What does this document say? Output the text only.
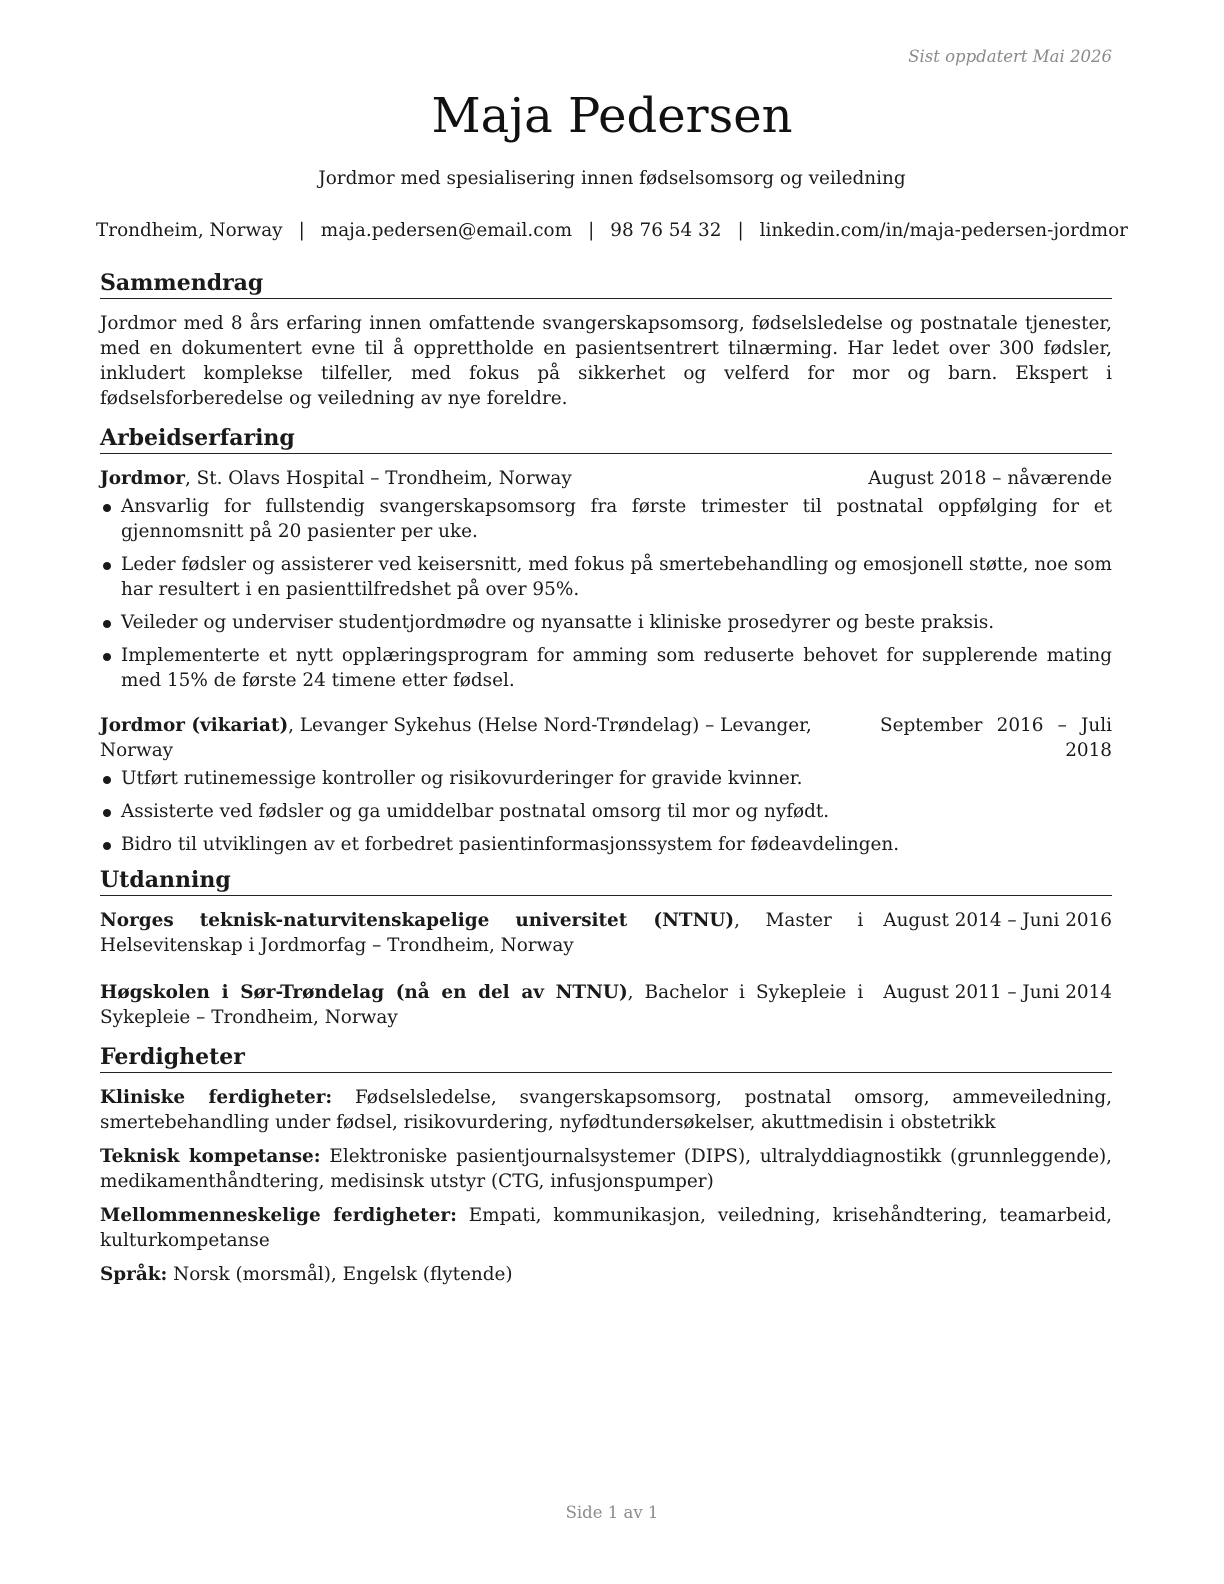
Sist oppdatert Mai 2026
Maja Pedersen
Jordmor med spesialisering innen fødselsomsorg og veiledning
Trondheim, Norway | maja.pedersen@email.com | 98 76 54 32 | linkedin.com/in/maja-pedersen-jordmor
Sammendrag

Jordmor med 8 års erfaring innen omfattende svangerskapsomsorg, fødselsledelse og postnatale tjenester, med en dokumentert evne til å opprettholde en pasientsentrert tilnærming. Har ledet over 300 fødsler, inkludert komplekse tilfeller, med fokus på sikkerhet og velferd for mor og barn. Ekspert i fødselsforberedelse og veiledning av nye foreldre.

Arbeidserfaring
Jordmor, St. Olavs Hospital – Trondheim, Norway	August 2018 – nåværende
Ansvarlig for fullstendig svangerskapsomsorg fra første trimester til postnatal oppfølging for et gjennomsnitt på 20 pasienter per uke.
Leder fødsler og assisterer ved keisersnitt, med fokus på smertebehandling og emosjonell støtte, noe som har resultert i en pasienttilfredshet på over 95%.
Veileder og underviser studentjordmødre og nyansatte i kliniske prosedyrer og beste praksis.
Implementerte et nytt opplæringsprogram for amming som reduserte behovet for supplerende mating med 15% de første 24 timene etter fødsel.
Jordmor (vikariat), Levanger Sykehus (Helse Nord-Trøndelag) – Levanger, Norway
September 2016 – Juli 2018
Utført rutinemessige kontroller og risikovurderinger for gravide kvinner.
Assisterte ved fødsler og ga umiddelbar postnatal omsorg til mor og nyfødt.
Bidro til utviklingen av et forbedret pasientinformasjonssystem for fødeavdelingen.
Utdanning
Norges teknisk-naturvitenskapelige universitet (NTNU), Master i Helsevitenskap i Jordmorfag – Trondheim, Norway
August 2014 – Juni 2016
Høgskolen i Sør-Trøndelag (nå en del av NTNU), Bachelor i Sykepleie i Sykepleie – Trondheim, Norway
August 2011 – Juni 2014
Ferdigheter

Kliniske ferdigheter: Fødselsledelse, svangerskapsomsorg, postnatal omsorg, ammeveiledning, smertebehandling under fødsel, risikovurdering, nyfødtundersøkelser, akuttmedisin i obstetrikk

Teknisk kompetanse: Elektroniske pasientjournalsystemer (DIPS), ultralyddiagnostikk (grunnleggende), medikamenthåndtering, medisinsk utstyr (CTG, infusjonspumper)

Mellommenneskelige ferdigheter: Empati, kommunikasjon, veiledning, krisehåndtering, teamarbeid, kulturkompetanse

Språk: Norsk (morsmål), Engelsk (flytende)

Side 1 av 1
